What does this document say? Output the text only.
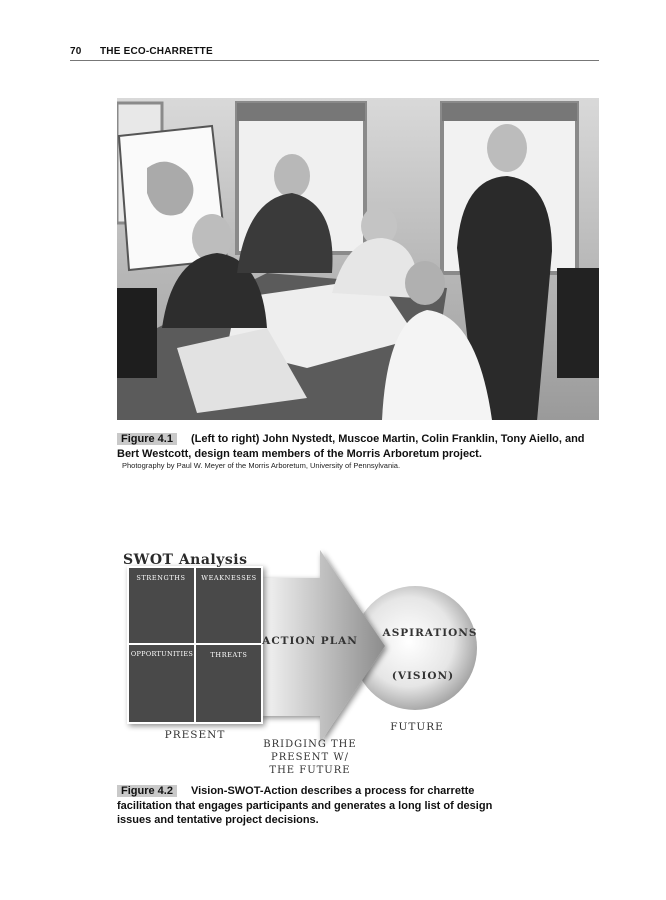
70 THE ECO-CHARRETTE
Figure 4.1 (Left to right) John Nystedt, Muscoe Martin, Colin Franklin, Tony Aiello, and Bert Westcott, design team members of the Morris Arboretum project.
Photography by Paul W. Meyer of the Morris Arboretum, University of Pennsylvania.
SWOT Analysis
STRENGTHS WEAKNESSES
OPPORTUNITIES	THREATS
PRESENT
ACTION PLAN
BRIDGING THE
PRESENT W/
THE FUTURE
ASPIRATIONS
(VISION)
FUTURE
Figure 4.2 Vision-SWOT-Action describes a process for charrette facilitation that engages participants and generates a long list of design issues and tentative project decisions.
